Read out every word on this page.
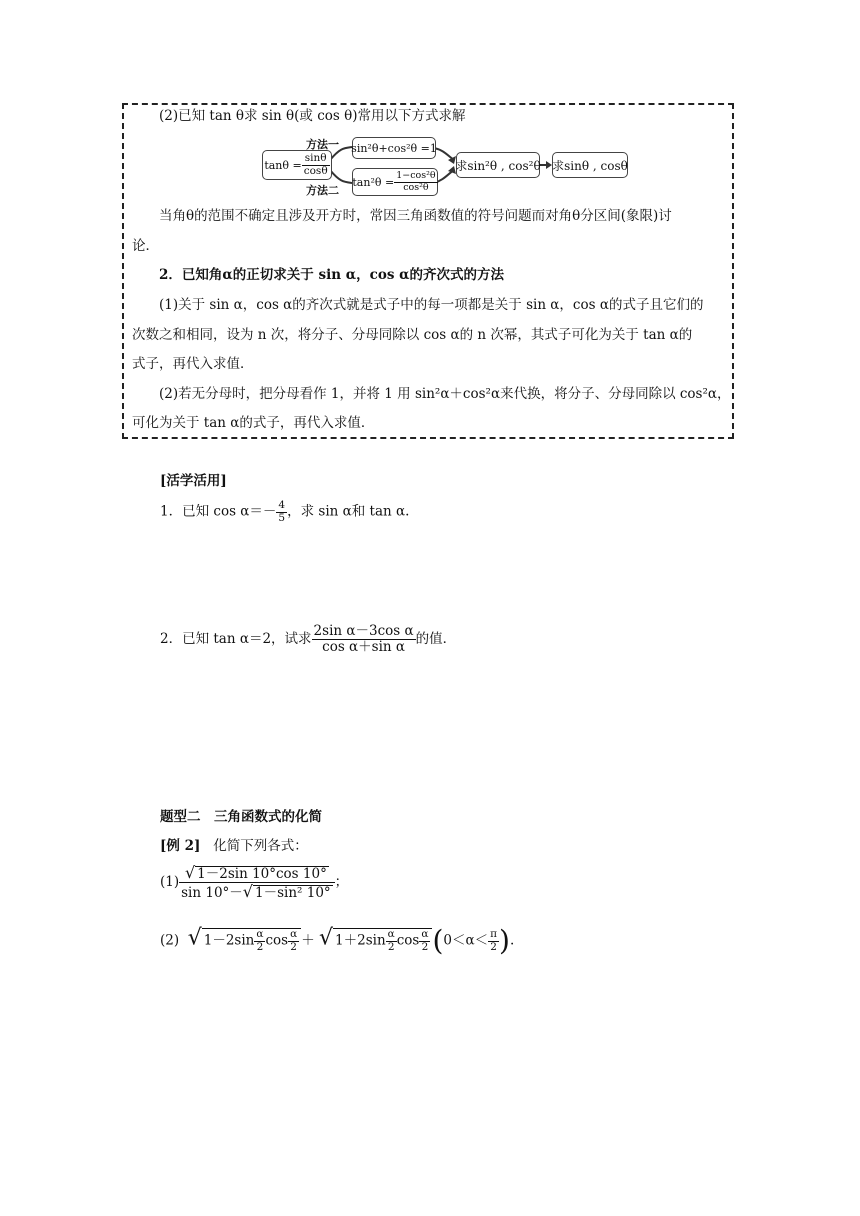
(2)已知 tan θ求 sin θ(或 cos θ)常用以下方式求解
$\tan\theta = \frac{\sin\theta}{\cos\theta}$
方法一
方法二
sin²θ+cos²θ =1
$\tan^2\theta = \frac{\text{1−cos²θ}}{\text{cos²θ}}$
求sin²θ , cos²θ 求sinθ , cosθ
当角θ的范围不确定且涉及开方时，常因三角函数值的符号问题而对角θ分区间(象限)讨
论．
2．已知角α的正切求关于 sin α，cos α的齐次式的方法
(1)关于 sin α，cos α的齐次式就是式子中的每一项都是关于 sin α，cos α的式子且它们的
次数之和相同，设为 n 次，将分子、分母同除以 cos α的 n 次幂，其式子可化为关于 tan α的
式子，再代入求值．
(2)若无分母时，把分母看作 1，并将 1 用 sin²α＋cos²α来代换，将分子、分母同除以 cos²α，
可化为关于 tan α的式子，再代入求值．
[活学活用]
1．已知 $\cos \alpha=- \frac{4}{5}$ ，求 sin α和 tan α.
2．已知 tan α＝2，试求 $\frac{\text{2sin α－3cos α}}{\text{cos α＋sin α}}$ 的值．
题型二　三角函数式的化简
[例 2] 化简下列各式：
$(1) \frac{√ 1-2\sin 10^\circ\cos 10^\circ}{\text{sin 10°－√ 1－sin² 10°}}$ ；
(2) √ $1-2\sin \frac{\alpha}{2}$ $\cos \frac{\alpha}{2}$ ＋ √ $1+2\sin \frac{\alpha}{2}$ $\cos \frac{\alpha}{2} (0<\alpha< \frac{\pi}{2}$ ).
